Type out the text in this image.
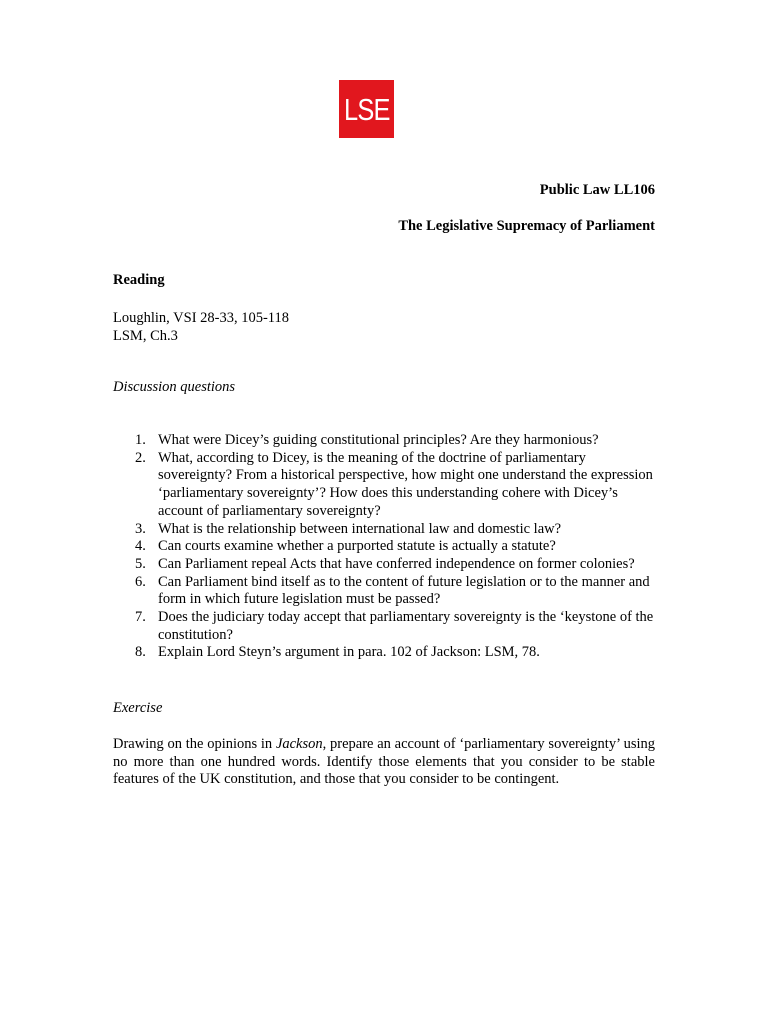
LSE
Public Law LL106
The Legislative Supremacy of Parliament
Reading
Loughlin, VSI 28-33, 105-118
LSM, Ch.3
Discussion questions
1. What were Dicey’s guiding constitutional principles? Are they harmonious?
2. What, according to Dicey, is the meaning of the doctrine of parliamentary sovereignty? From a historical perspective, how might one understand the expression ‘parliamentary sovereignty’? How does this understanding cohere with Dicey’s account of parliamentary sovereignty?
3. What is the relationship between international law and domestic law?
4. Can courts examine whether a purported statute is actually a statute?
5. Can Parliament repeal Acts that have conferred independence on former colonies?
6. Can Parliament bind itself as to the content of future legislation or to the manner and form in which future legislation must be passed?
7. Does the judiciary today accept that parliamentary sovereignty is the ‘keystone of the constitution?
8. Explain Lord Steyn’s argument in para. 102 of Jackson: LSM, 78.
Exercise

Drawing on the opinions in Jackson, prepare an account of ‘parliamentary sovereignty’ using no more than one hundred words. Identify those elements that you consider to be stable features of the UK constitution, and those that you consider to be contingent.
